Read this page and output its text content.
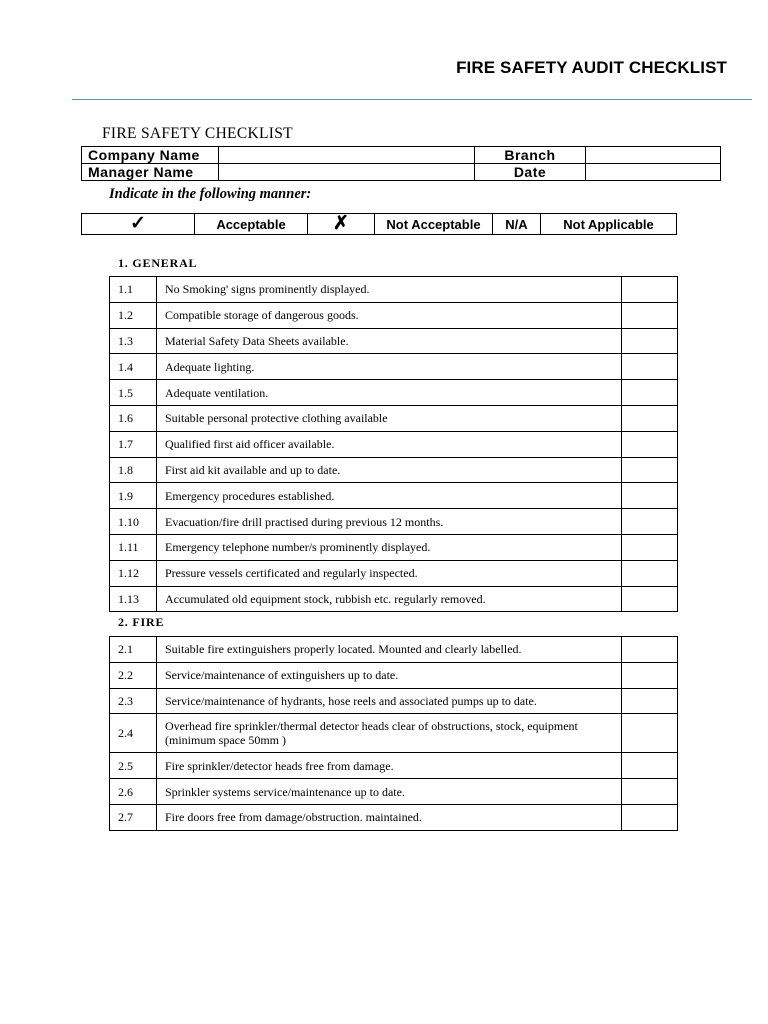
FIRE SAFETY AUDIT CHECKLIST
FIRE SAFETY CHECKLIST
Company Name		Branch	
Manager Name		Date	
Indicate in the following manner:
✓	Acceptable	✗	Not Acceptable	N/A	Not Applicable
1. GENERAL
1.1	No Smoking' signs prominently displayed.	
1.2	Compatible storage of dangerous goods.	
1.3	Material Safety Data Sheets available.	
1.4	Adequate lighting.	
1.5	Adequate ventilation.	
1.6	Suitable personal protective clothing available	
1.7	Qualified first aid officer available.	
1.8	First aid kit available and up to date.	
1.9	Emergency procedures established.	
1.10	Evacuation/fire drill practised during previous 12 months.	
1.11	Emergency telephone number/s prominently displayed.	
1.12	Pressure vessels certificated and regularly inspected.	
1.13	Accumulated old equipment stock, rubbish etc. regularly removed.	
2. FIRE
2.1	Suitable fire extinguishers properly located. Mounted and clearly labelled.	
2.2	Service/maintenance of extinguishers up to date.	
2.3	Service/maintenance of hydrants, hose reels and associated pumps up to date.	
2.4	Overhead fire sprinkler/thermal detector heads clear of obstructions, stock, equipment (minimum space 50mm )	
2.5	Fire sprinkler/detector heads free from damage.	
2.6	Sprinkler systems service/maintenance up to date.	
2.7	Fire doors free from damage/obstruction. maintained.	
